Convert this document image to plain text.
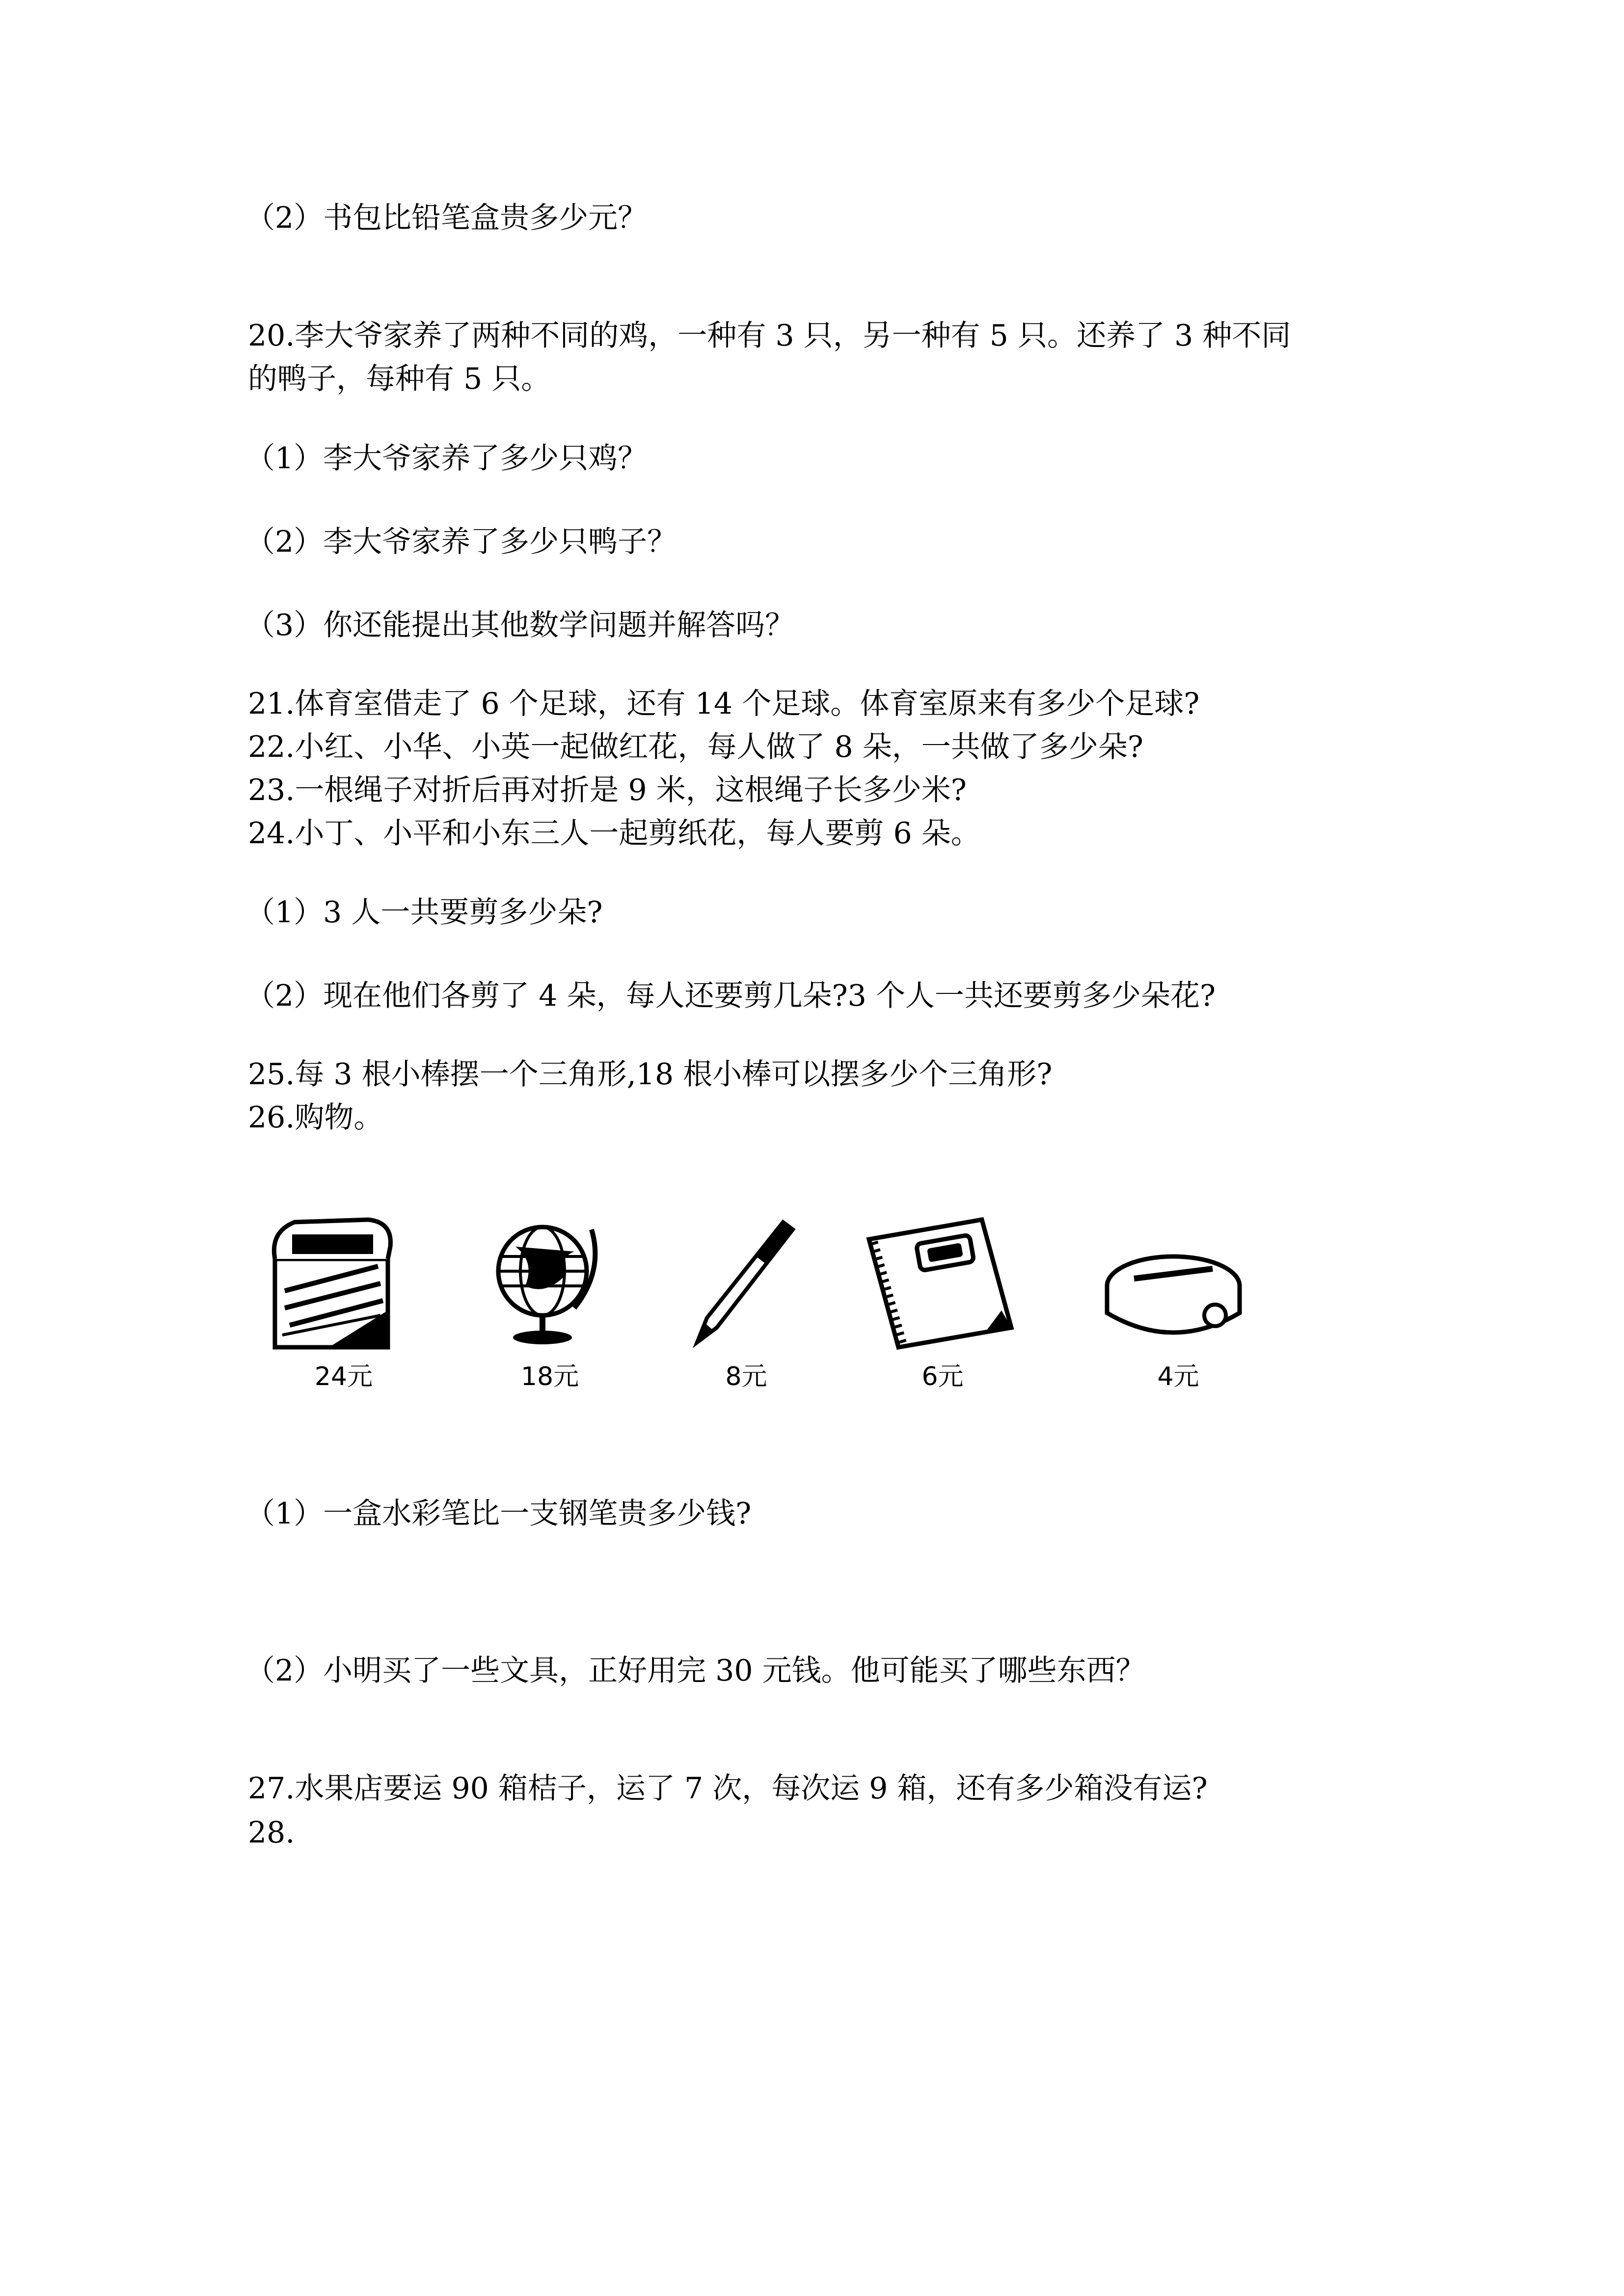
（2）书包比铅笔盒贵多少元？
20.李大爷家养了两种不同的鸡，一种有 3 只，另一种有 5 只。还养了 3 种不同
的鸭子，每种有 5 只。
（1）李大爷家养了多少只鸡？
（2）李大爷家养了多少只鸭子？
（3）你还能提出其他数学问题并解答吗？
21.体育室借走了 6 个足球，还有 14 个足球。体育室原来有多少个足球?
22.小红、小华、小英一起做红花，每人做了 8 朵，一共做了多少朵?
23.一根绳子对折后再对折是 9 米，这根绳子长多少米?
24.小丁、小平和小东三人一起剪纸花，每人要剪 6 朵。
（1）3 人一共要剪多少朵?
（2）现在他们各剪了 4 朵，每人还要剪几朵?3 个人一共还要剪多少朵花?
25.每 3 根小棒摆一个三角形,18 根小棒可以摆多少个三角形?
26.购物。
24元	18元	8元	6元	4元
（1）一盒水彩笔比一支钢笔贵多少钱?
（2）小明买了一些文具，正好用完 30 元钱。他可能买了哪些东西？
27.水果店要运 90 箱桔子，运了 7 次，每次运 9 箱，还有多少箱没有运?
28.
